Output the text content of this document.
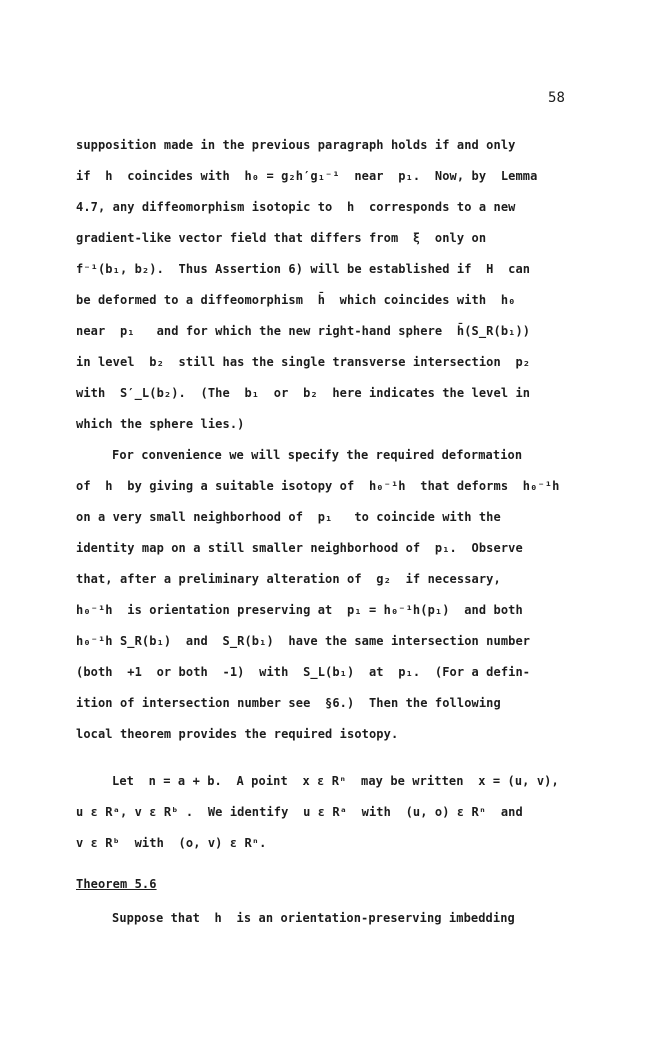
58
supposition made in the previous paragraph holds if and only
if  h  coincides with  h₀ = g₂h′g₁⁻¹  near  p₁.  Now, by  Lemma
4.7, any diffeomorphism isotopic to  h  corresponds to a new
gradient-like vector field that differs from  ξ  only on
f⁻¹(b₁, b₂).  Thus Assertion 6) will be established if  H  can
be deformed to a diffeomorphism  h̄  which coincides with  h₀
near  p₁   and for which the new right-hand sphere  h̄(S_R(b₁))
in level  b₂  still has the single transverse intersection  p₂
with  S′_L(b₂).  (The  b₁  or  b₂  here indicates the level in
which the sphere lies.)
For convenience we will specify the required deformation
of  h  by giving a suitable isotopy of  h₀⁻¹h  that deforms  h₀⁻¹h
on a very small neighborhood of  p₁   to coincide with the
identity map on a still smaller neighborhood of  p₁.  Observe
that, after a preliminary alteration of  g₂  if necessary,
h₀⁻¹h  is orientation preserving at  p₁ = h₀⁻¹h(p₁)  and both
h₀⁻¹h S_R(b₁)  and  S_R(b₁)  have the same intersection number
(both  +1  or both  -1)  with  S_L(b₁)  at  p₁.  (For a defin-
ition of intersection number see  §6.)  Then the following
local theorem provides the required isotopy.
Let  n = a + b.  A point  x ε Rⁿ  may be written  x = (u, v),
u ε Rᵃ, v ε Rᵇ .  We identify  u ε Rᵃ  with  (u, o) ε Rⁿ  and
v ε Rᵇ  with  (o, v) ε Rⁿ.
Theorem 5.6
Suppose that  h  is an orientation-preserving imbedding
